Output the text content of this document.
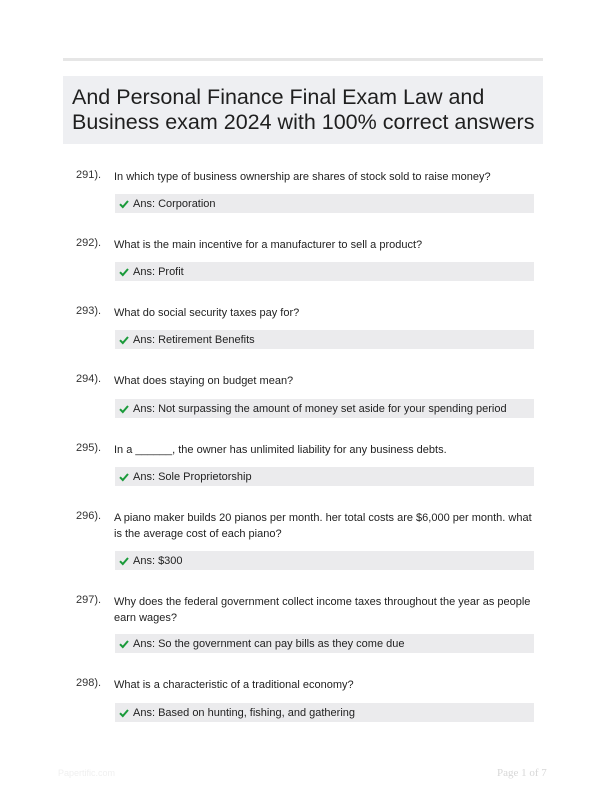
And Personal Finance Final Exam Law and Business exam 2024 with 100% correct answers
291). In which type of business ownership are shares of stock sold to raise money?
Ans: Corporation
292). What is the main incentive for a manufacturer to sell a product?
Ans: Profit
293). What do social security taxes pay for?
Ans: Retirement Benefits
294). What does staying on budget mean?
Ans: Not surpassing the amount of money set aside for your spending period
295). In a ______, the owner has unlimited liability for any business debts.
Ans: Sole Proprietorship
296). A piano maker builds 20 pianos per month. her total costs are $6,000 per month. what is the average cost of each piano?
Ans: $300
297). Why does the federal government collect income taxes throughout the year as people earn wages?
Ans: So the government can pay bills as they come due
298). What is a characteristic of a traditional economy?
Ans: Based on hunting, fishing, and gathering
Papertific.com	Page 1 of 7
